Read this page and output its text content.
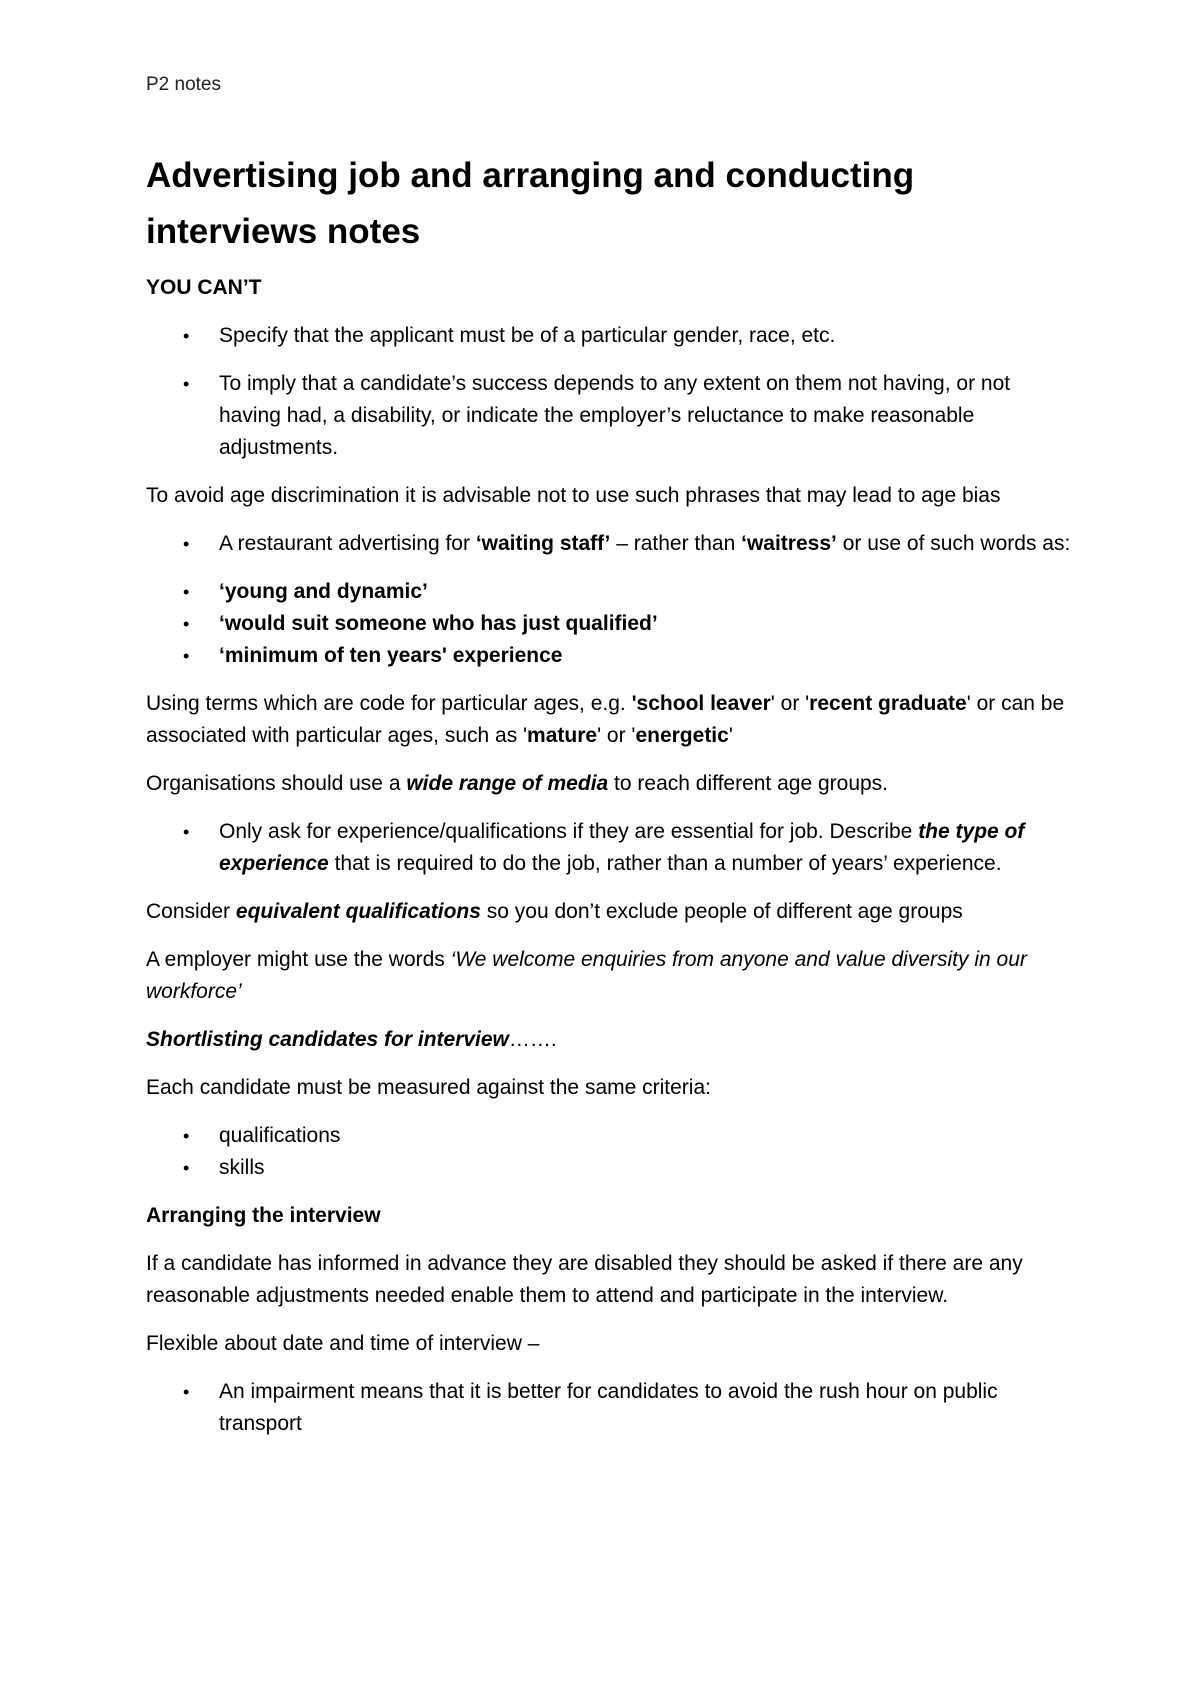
P2 notes
Advertising job and arranging and conducting interviews notes

YOU CAN’T

• Specify that the applicant must be of a particular gender, race, etc.
• To imply that a candidate’s success depends to any extent on them not having, or not having had, a disability, or indicate the employer’s reluctance to make reasonable adjustments.

To avoid age discrimination it is advisable not to use such phrases that may lead to age bias

• A restaurant advertising for ‘waiting staff’ – rather than ‘waitress’ or use of such words as:
• ‘young and dynamic’
• ‘would suit someone who has just qualified’
• ‘minimum of ten years' experience

Using terms which are code for particular ages, e.g. 'school leaver' or 'recent graduate' or can be associated with particular ages, such as 'mature' or 'energetic'

Organisations should use a wide range of media to reach different age groups.

• Only ask for experience/qualifications if they are essential for job. Describe the type of experience that is required to do the job, rather than a number of years’ experience.

Consider equivalent qualifications so you don’t exclude people of different age groups

A employer might use the words ‘We welcome enquiries from anyone and value diversity in our workforce’

Shortlisting candidates for interview…….

Each candidate must be measured against the same criteria:

• qualifications
• skills

Arranging the interview

If a candidate has informed in advance they are disabled they should be asked if there are any reasonable adjustments needed enable them to attend and participate in the interview.

Flexible about date and time of interview –

• An impairment means that it is better for candidates to avoid the rush hour on public transport
